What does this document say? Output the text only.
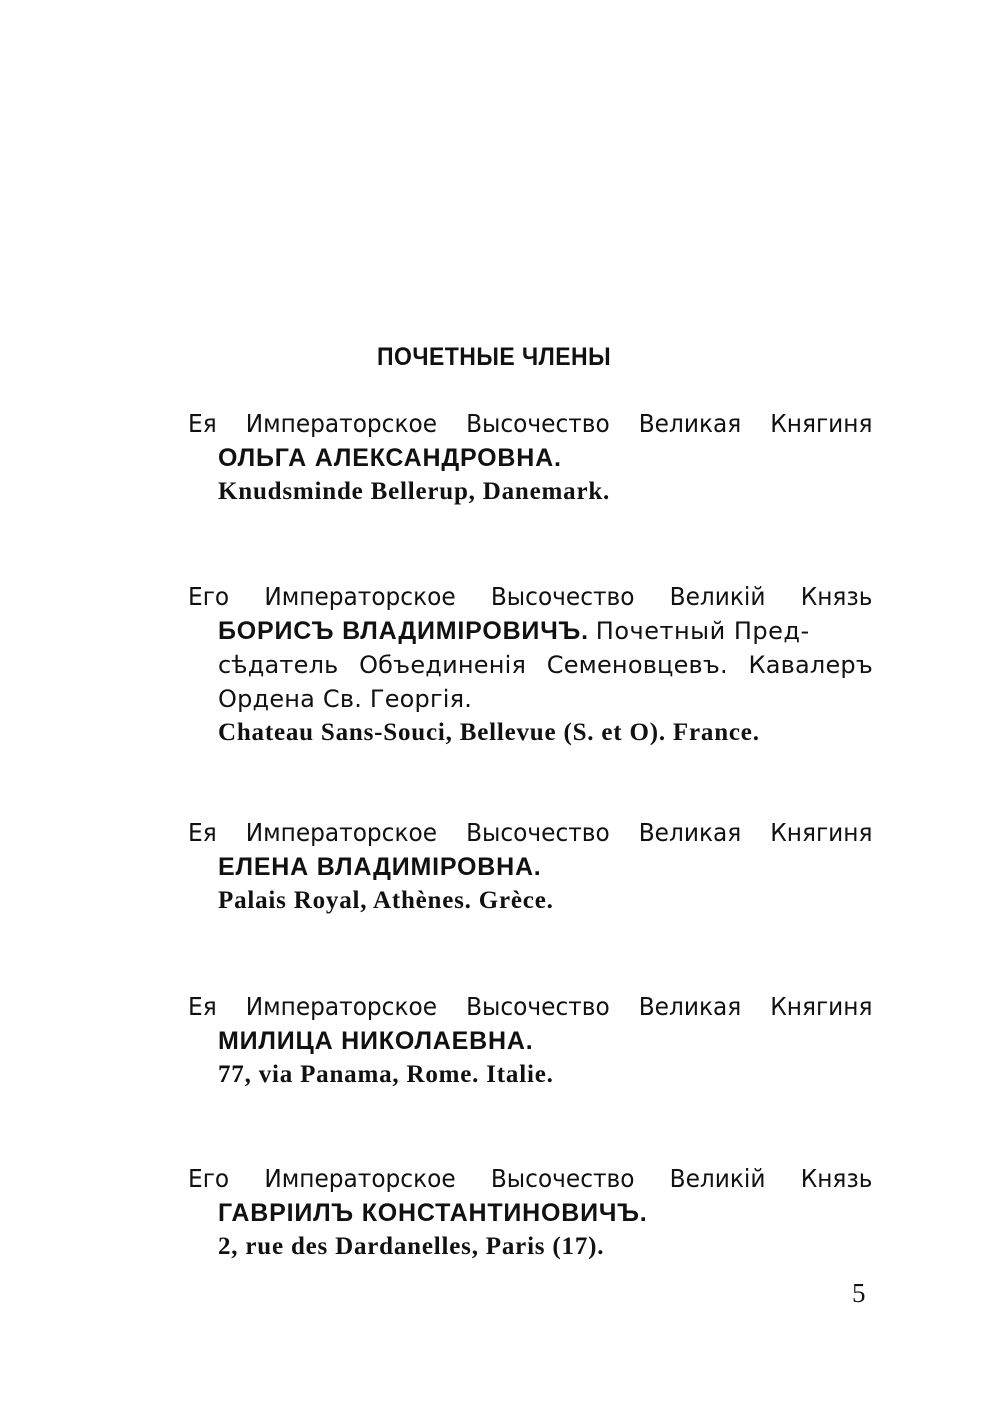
ПОЧЕТНЫЕ ЧЛЕНЫ
Ея Императорское Высочество Великая Княгиня
ОЛЬГА АЛЕКСАНДРОВНА.
Knudsminde Bellerup, Danemark.
Его Императорское Высочество Великій Князь
БОРИСЪ ВЛАДИМІРОВИЧЪ. Почетный Пред-
сѣдатель Объединенія Семеновцевъ. Кавалеръ Ордена Св. Георгія.
Chateau Sans-Souci, Bellevue (S. et O). France.
Ея Императорское Высочество Великая Княгиня
ЕЛЕНА ВЛАДИМІРОВНА.
Palais Royal, Athènes. Grèce.
Ея Императорское Высочество Великая Княгиня
МИЛИЦА НИКОЛАЕВНА.
77, via Panama, Rome. Italie.
Его Императорское Высочество Великій Князь
ГАВРІИЛЪ КОНСТАНТИНОВИЧЪ.
2, rue des Dardanelles, Paris (17).
5
